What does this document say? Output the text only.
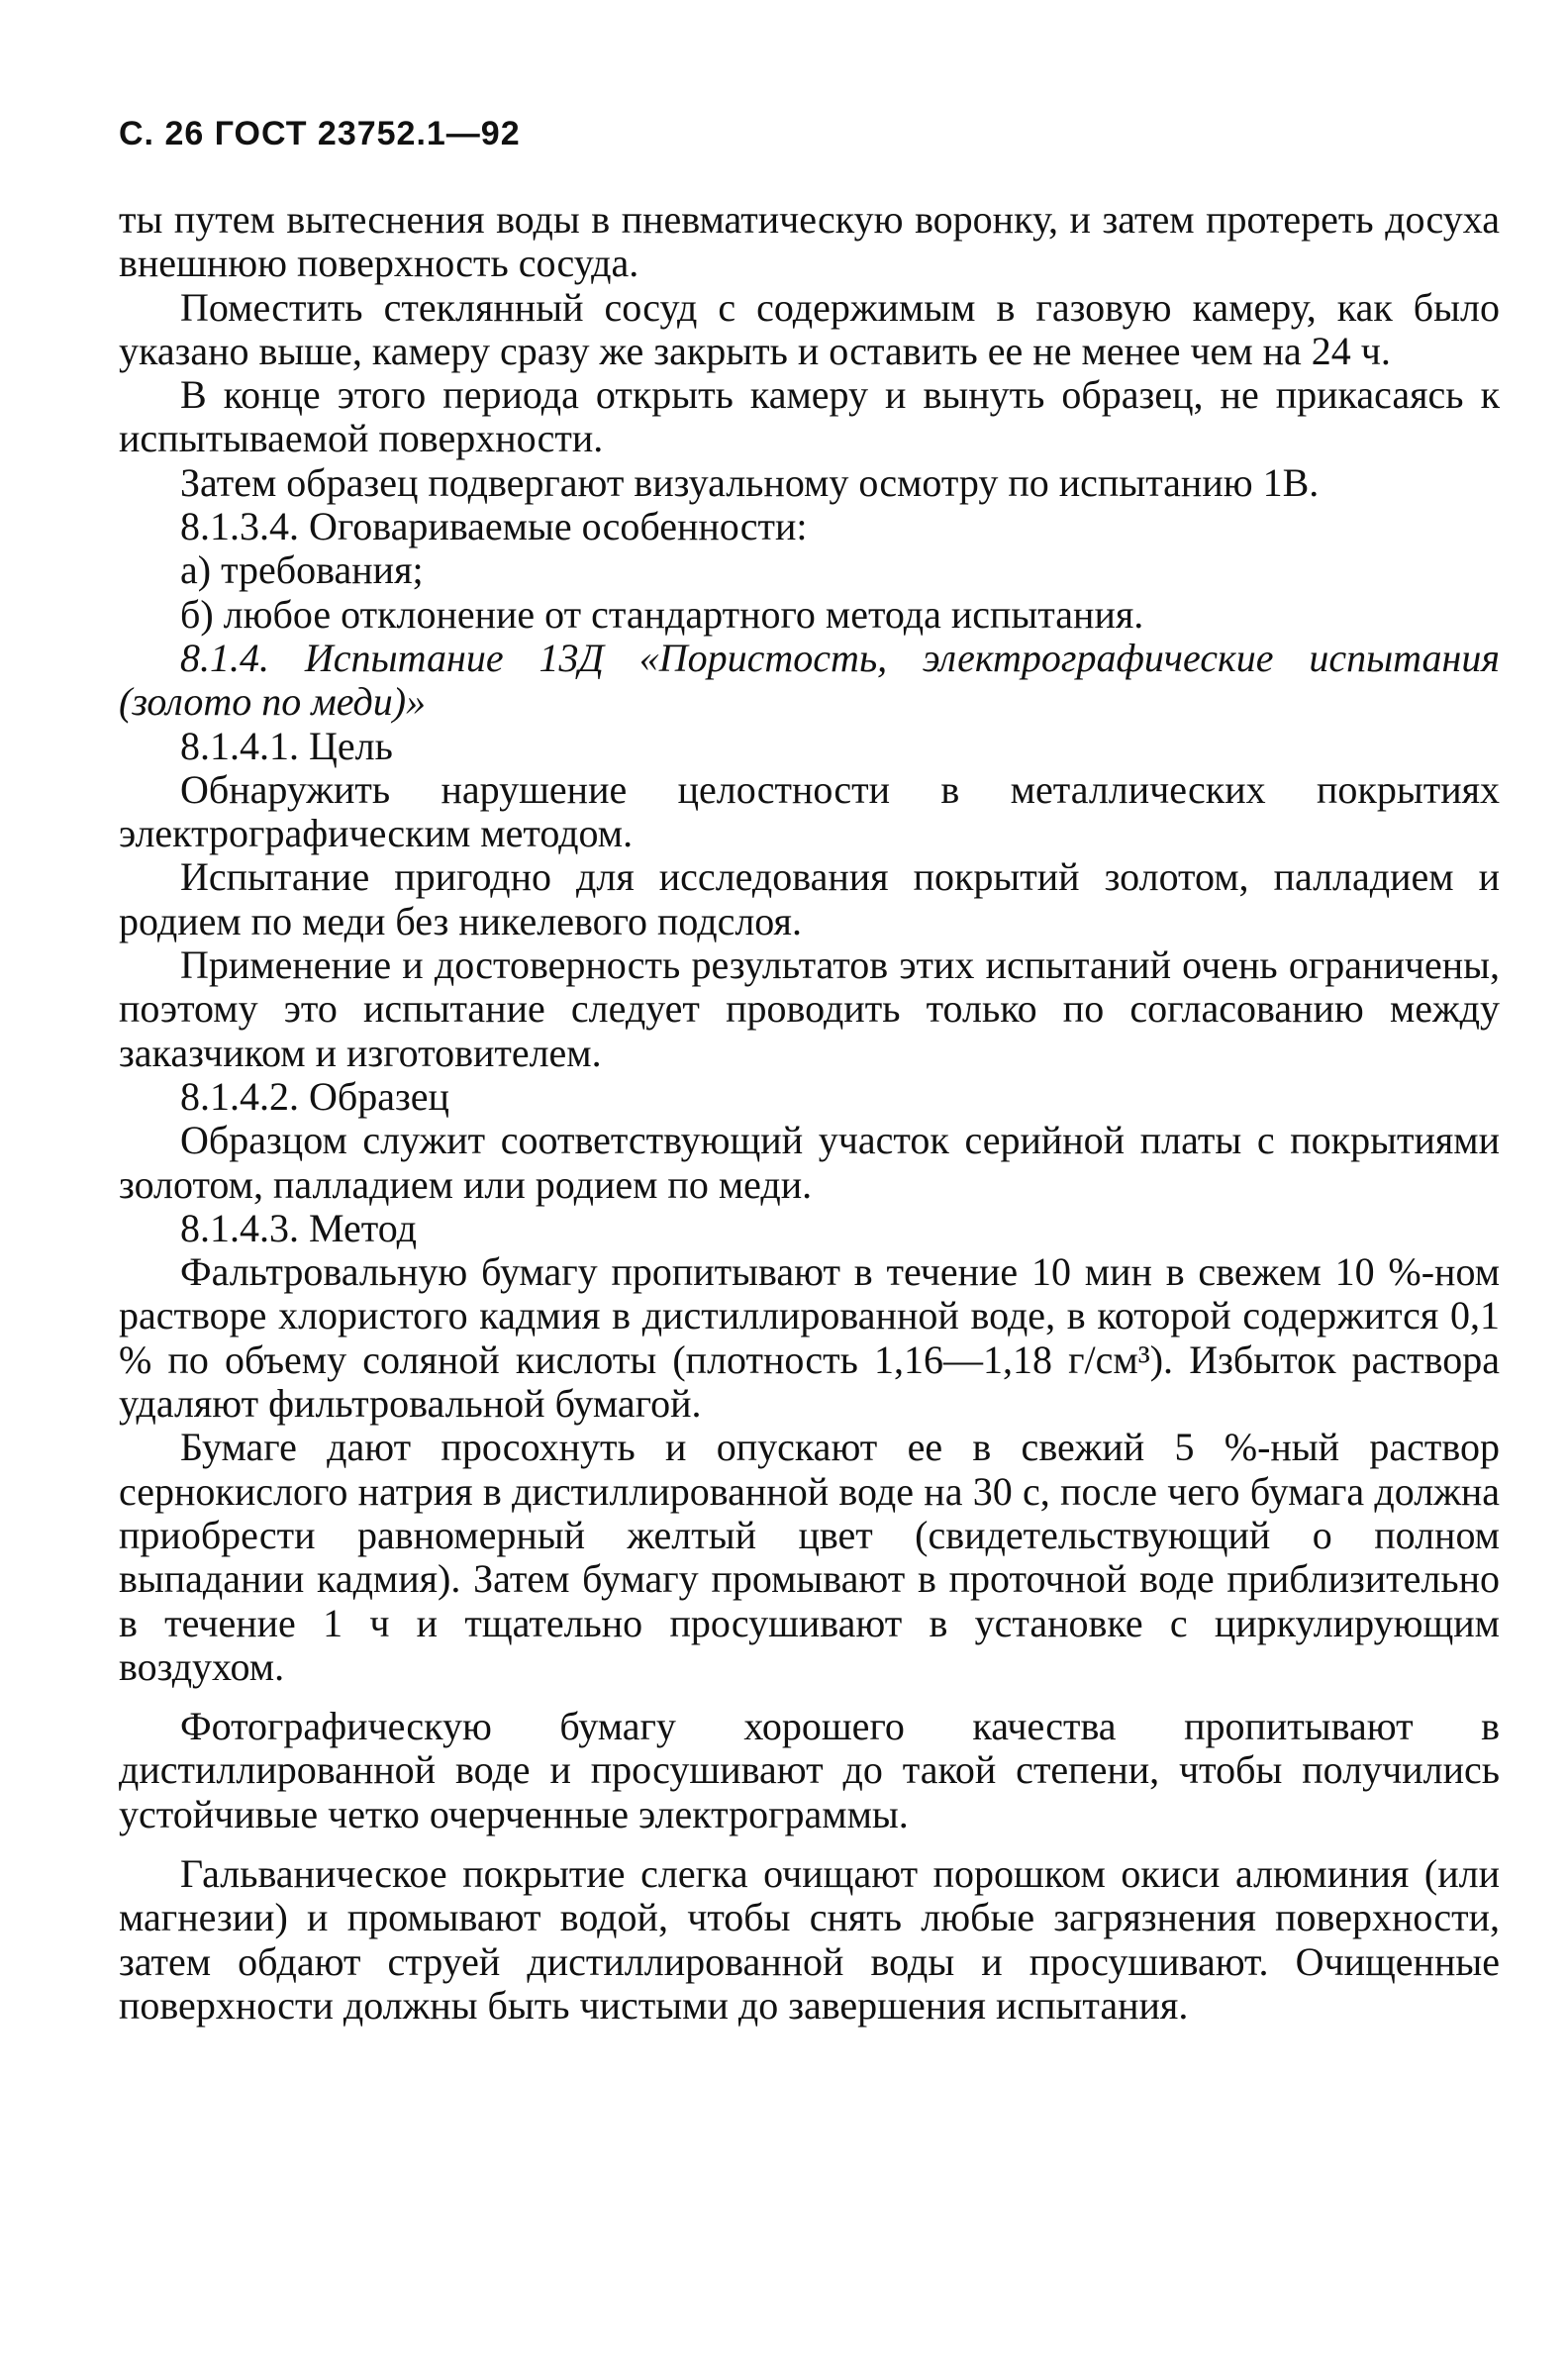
С. 26 ГОСТ 23752.1—92

ты путем вытеснения воды в пневматическую воронку, и затем протереть досуха внешнюю поверхность сосуда.

Поместить стеклянный сосуд с содержимым в газовую камеру, как было указано выше, камеру сразу же закрыть и оставить ее не менее чем на 24 ч.

В конце этого периода открыть камеру и вынуть образец, не прикасаясь к испытываемой поверхности.

Затем образец подвергают визуальному осмотру по испытанию 1В.

8.1.3.4. Оговариваемые особенности:

а) требования;

б) любое отклонение от стандартного метода испытания.

8.1.4. Испытание 13Д «Пористость, электрографические испытания (золото по меди)»

8.1.4.1. Цель

Обнаружить нарушение целостности в металлических покрытиях электрографическим методом.

Испытание пригодно для исследования покрытий золотом, палладием и родием по меди без никелевого подслоя.

Применение и достоверность результатов этих испытаний очень ограничены, поэтому это испытание следует проводить только по согласованию между заказчиком и изготовителем.

8.1.4.2. Образец

Образцом служит соответствующий участок серийной платы с покрытиями золотом, палладием или родием по меди.

8.1.4.3. Метод

Фальтровальную бумагу пропитывают в течение 10 мин в свежем 10 %-ном растворе хлористого кадмия в дистиллированной воде, в которой содержится 0,1 % по объему соляной кислоты (плотность 1,16—1,18 г/см³). Избыток раствора удаляют фильтровальной бумагой.

Бумаге дают просохнуть и опускают ее в свежий 5 %-ный раствор сернокислого натрия в дистиллированной воде на 30 с, после чего бумага должна приобрести равномерный желтый цвет (свидетельствующий о полном выпадании кадмия). Затем бумагу промывают в проточной воде приблизительно в течение 1 ч и тщательно просушивают в установке с циркулирующим воздухом.

Фотографическую бумагу хорошего качества пропитывают в дистиллированной воде и просушивают до такой степени, чтобы получились устойчивые четко очерченные электрограммы.

Гальваническое покрытие слегка очищают порошком окиси алюминия (или магнезии) и промывают водой, чтобы снять любые загрязнения поверхности, затем обдают струей дистиллированной воды и просушивают. Очищенные поверхности должны быть чистыми до завершения испытания.
